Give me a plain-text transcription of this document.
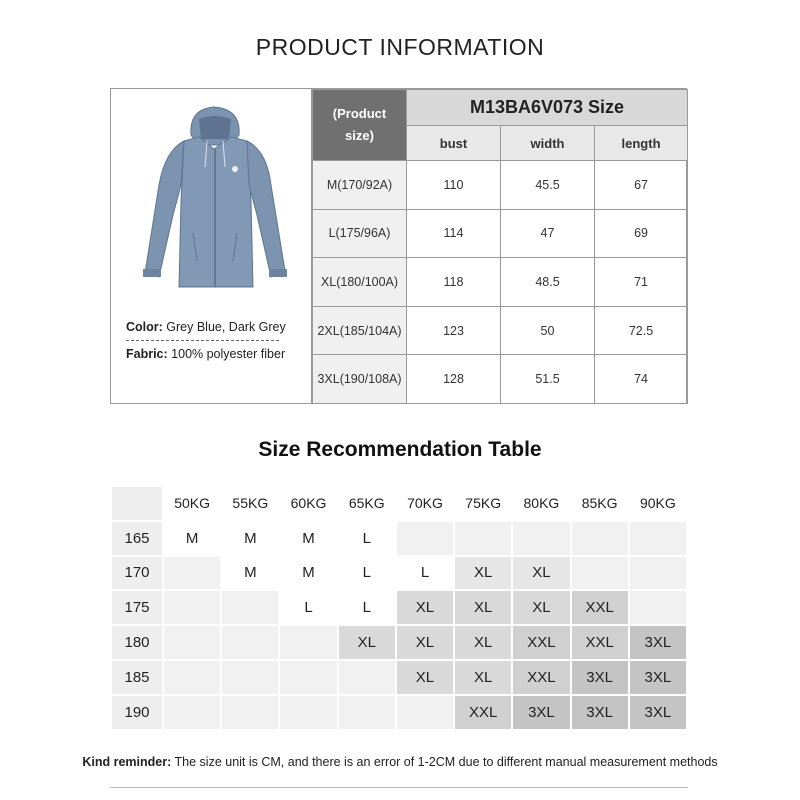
PRODUCT INFORMATION
Color: Grey Blue, Dark Grey
Fabric: 100% polyester fiber
(Product
size)	M13BA6V073 Size		
	bust	width	length
M(170/92A)	110	45.5	67
L(175/96A)	114	47	69
XL(180/100A)	118	48.5	71
2XL(185/104A)	123	50	72.5
3XL(190/108A)	128	51.5	74
Size Recommendation Table
	50KG	55KG	60KG	65KG	70KG	75KG	80KG	85KG	90KG
165	M	M	M	L					
170		M	M	L	L	XL	XL		
175			L	L	XL	XL	XL	XXL	
180				XL	XL	XL	XXL	XXL	3XL
185					XL	XL	XXL	3XL	3XL
190						XXL	3XL	3XL	3XL
Kind reminder: The size unit is CM, and there is an error of 1-2CM due to different manual measurement methods
